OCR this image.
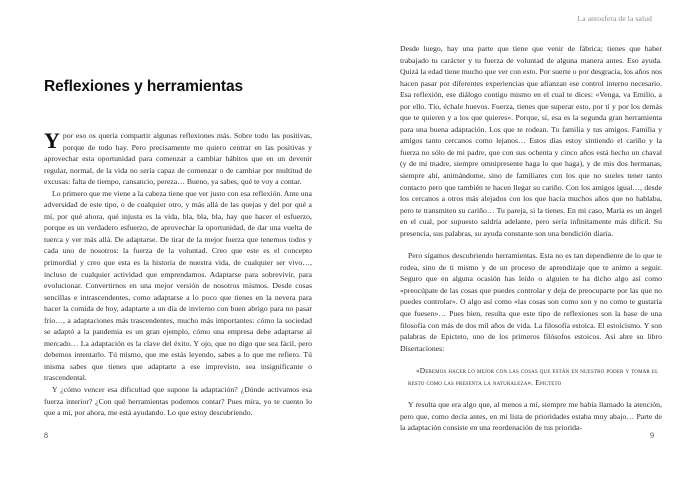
Reflexiones y herramientas

Y por eso os quería compartir algunas reflexiones más. Sobre todo las positivas, porque de todo hay. Pero precisamente me quiero centrar en las positivas y aprovechar esta oportunidad para comenzar a cambiar hábitos que en un devenir regular, normal, de la vida no sería capaz de comenzar o de cambiar por multitud de excusas: falta de tiempo, cansancio, pereza… Bueno, ya sabes, qué te voy a contar.

Lo primero que me viene a la cabeza tiene que ver justo con esa reflexión. Ante una adversidad de este tipo, o de cualquier otro, y más allá de las quejas y del por qué a mí, por qué ahora, qué injusta es la vida, bla, bla, bla, hay que hacer el esfuerzo, porque es un verdadero esfuerzo, de aprovechar la oportunidad, de dar una vuelta de tuerca y ver más allá. De adaptarse. De tirar de la mejor fuerza que tenemos todos y cada uno de nosotros: la fuerza de la voluntad. Creo que este es el concepto primordial y creo que esta es la historia de nuestra vida, de cualquier ser vivo…, incluso de cualquier actividad que emprendamos. Adaptarse para sobrevivir, para evolucionar. Convertirnos en una mejor versión de nosotros mismos. Desde cosas sencillas e intrascendentes, como adaptarse a lo poco que tienes en la nevera para hacer la comida de hoy, adaptarte a un día de invierno con buen abrigo para no pasar frío…, a adaptaciones más trascendentes, mucho más importantes: cómo la sociedad se adaptó a la pandemia es un gran ejemplo, cómo una empresa debe adaptarse al mercado… La adaptación es la clave del éxito. Y ojo, que no digo que sea fácil, pero debemos intentarlo. Tú mismo, que me estás leyendo, sabes a lo que me refiero. Tú misma sabes que tienes que adaptarte a ese imprevisto, sea insignificante o trascendental.

Y ¿cómo vencer esa dificultad que supone la adaptación? ¿Dónde activamos esa fuerza interior? ¿Con qué herramientas podemos contar? Pues mira, yo te cuento lo que a mí, por ahora, me está ayudando. Lo que estoy descubriendo.

8
La antosfera de la salud

Desde luego, hay una parte que tiene que venir de fábrica; tienes que haber trabajado tu carácter y tu fuerza de voluntad de alguna manera antes. Eso ayuda. Quizá la edad tiene mucho que ver con esto. Por suerte o por desgracia, los años nos hacen pasar por diferentes experiencias que afianzan ese control interno necesario. Esa reflexión, ese diálogo contigo mismo en el cual te dices: «Venga, va Emilio, a por ello. Tío, échale huevos. Fuerza, tienes que superar esto, por ti y por los demás que te quieren y a los que quieres». Porque, sí, esa es la segunda gran herramienta para una buena adaptación. Los que te rodean. Tu familia y tus amigos. Familia y amigos tanto cercanos como lejanos… Estos días estoy sintiendo el cariño y la fuerza no sólo de mi padre, que con sus ochenta y cinco años está hecho un chaval (y de mi madre, siempre omnipresente haga lo que haga), y de mis dos hermanas, siempre ahí, animándome, sino de familiares con los que no sueles tener tanto contacto pero que también te hacen llegar su cariño. Con los amigos igual…, desde los cercanos a otros más alejados con los que hacía muchos años que no hablaba, pero te transmiten su cariño… Tu pareja, si la tienes. En mi caso, María es un ángel en el cual, por supuesto saldría adelante, pero sería infinitamente más difícil. Su presencia, sus palabras, su ayuda constante son una bendición diaria.

Pero sigamos descubriendo herramientas. Esta no es tan dependiente de lo que te rodea, sino de ti mismo y de un proceso de aprendizaje que te animo a seguir. Seguro que en alguna ocasión has leído o alguien te ha dicho algo así como «preocúpate de las cosas que puedes controlar y deja de preocuparte por las que no puedes controlar». O algo así como «las cosas son como son y no como te gustaría que fuesen»… Pues bien, resulta que este tipo de reflexiones son la base de una filosofía con más de dos mil años de vida. La filosofía estoica. El estoicismo. Y son palabras de Epicteto, uno de los primeros filósofos estoicos. Así abre su libro Disertaciones:

«Debemos hacer lo mejor con las cosas que están en nuestro poder y tomar el resto como las presenta la naturaleza». Epicteto

Y resulta que era algo que, al menos a mí, siempre me había llamado la atención, pero que, como decía antes, en mi lista de prioridades estaba muy abajo… Parte de la adaptación consiste en una reordenación de tus priorida-

9
